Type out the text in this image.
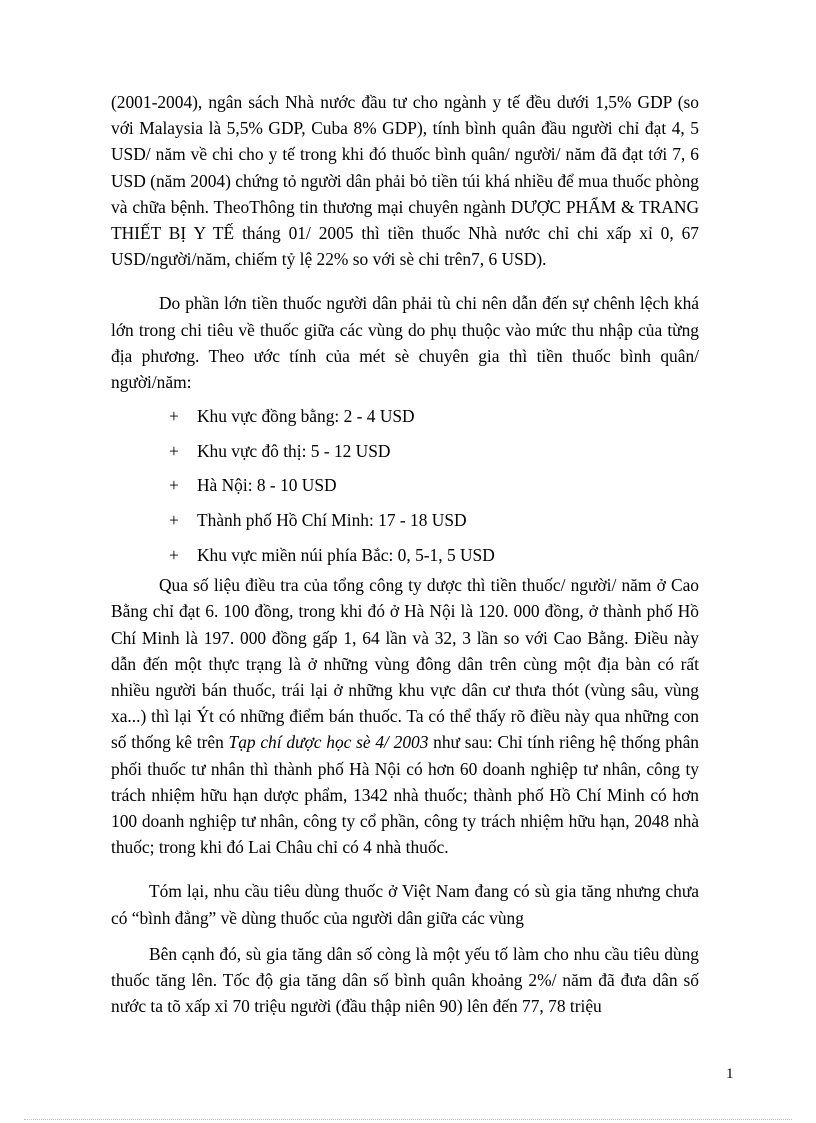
(2001-2004), ngân sách Nhà nước đầu tư cho ngành y tế đều dưới 1,5% GDP (so với Malaysia là 5,5% GDP, Cuba 8% GDP), tính bình quân đầu người chỉ đạt 4, 5 USD/ năm về chi cho y tế trong khi đó thuốc bình quân/ người/ năm đã đạt tới 7, 6 USD (năm 2004) chứng tỏ người dân phải bỏ tiền túi khá nhiều để mua thuốc phòng và chữa bệnh. TheoThông tin thương mại chuyên ngành DƯỢC PHẨM & TRANG THIẾT BỊ Y TẾ tháng 01/ 2005 thì tiền thuốc Nhà nước chỉ chi xấp xỉ 0, 67 USD/người/năm, chiếm tỷ lệ 22% so với sè chi trên7, 6 USD).

Do phần lớn tiền thuốc người dân phải tù chi nên dẫn đến sự chênh lệch khá lớn trong chi tiêu về thuốc giữa các vùng do phụ thuộc vào mức thu nhập của từng địa phương. Theo ước tính của mét sè chuyên gia thì tiền thuốc bình quân/ người/năm:

+ Khu vực đồng bằng: 2 - 4 USD
+ Khu vực đô thị: 5 - 12 USD
+ Hà Nội: 8 - 10 USD
+ Thành phố Hồ Chí Minh: 17 - 18 USD
+ Khu vực miền núi phía Bắc: 0, 5-1, 5 USD

Qua số liệu điều tra của tổng công ty dược thì tiền thuốc/ người/ năm ở Cao Bằng chỉ đạt 6. 100 đồng, trong khi đó ở Hà Nội là 120. 000 đồng, ở thành phố Hồ Chí Minh là 197. 000 đồng gấp 1, 64 lần và 32, 3 lần so với Cao Bằng. Điều này dẫn đến một thực trạng là ở những vùng đông dân trên cùng một địa bàn có rất nhiều người bán thuốc, trái lại ở những khu vực dân cư thưa thót (vùng sâu, vùng xa...) thì lại Ýt có những điểm bán thuốc. Ta có thể thấy rõ điều này qua những con số thống kê trên Tạp chí dược học sè 4/ 2003 như sau: Chỉ tính riêng hệ thống phân phối thuốc tư nhân thì thành phố Hà Nội có hơn 60 doanh nghiệp tư nhân, công ty trách nhiệm hữu hạn dược phẩm, 1342 nhà thuốc; thành phố Hồ Chí Minh có hơn 100 doanh nghiệp tư nhân, công ty cổ phần, công ty trách nhiệm hữu hạn, 2048 nhà thuốc; trong khi đó Lai Châu chỉ có 4 nhà thuốc.

Tóm lại, nhu cầu tiêu dùng thuốc ở Việt Nam đang có sù gia tăng nhưng chưa có “bình đẳng” về dùng thuốc của người dân giữa các vùng

Bên cạnh đó, sù gia tăng dân số còng là một yếu tố làm cho nhu cầu tiêu dùng thuốc tăng lên. Tốc độ gia tăng dân số bình quân khoảng 2%/ năm đã đưa dân số nước ta tõ xấp xỉ 70 triệu người (đầu thập niên 90) lên đến 77, 78 triệu

1
